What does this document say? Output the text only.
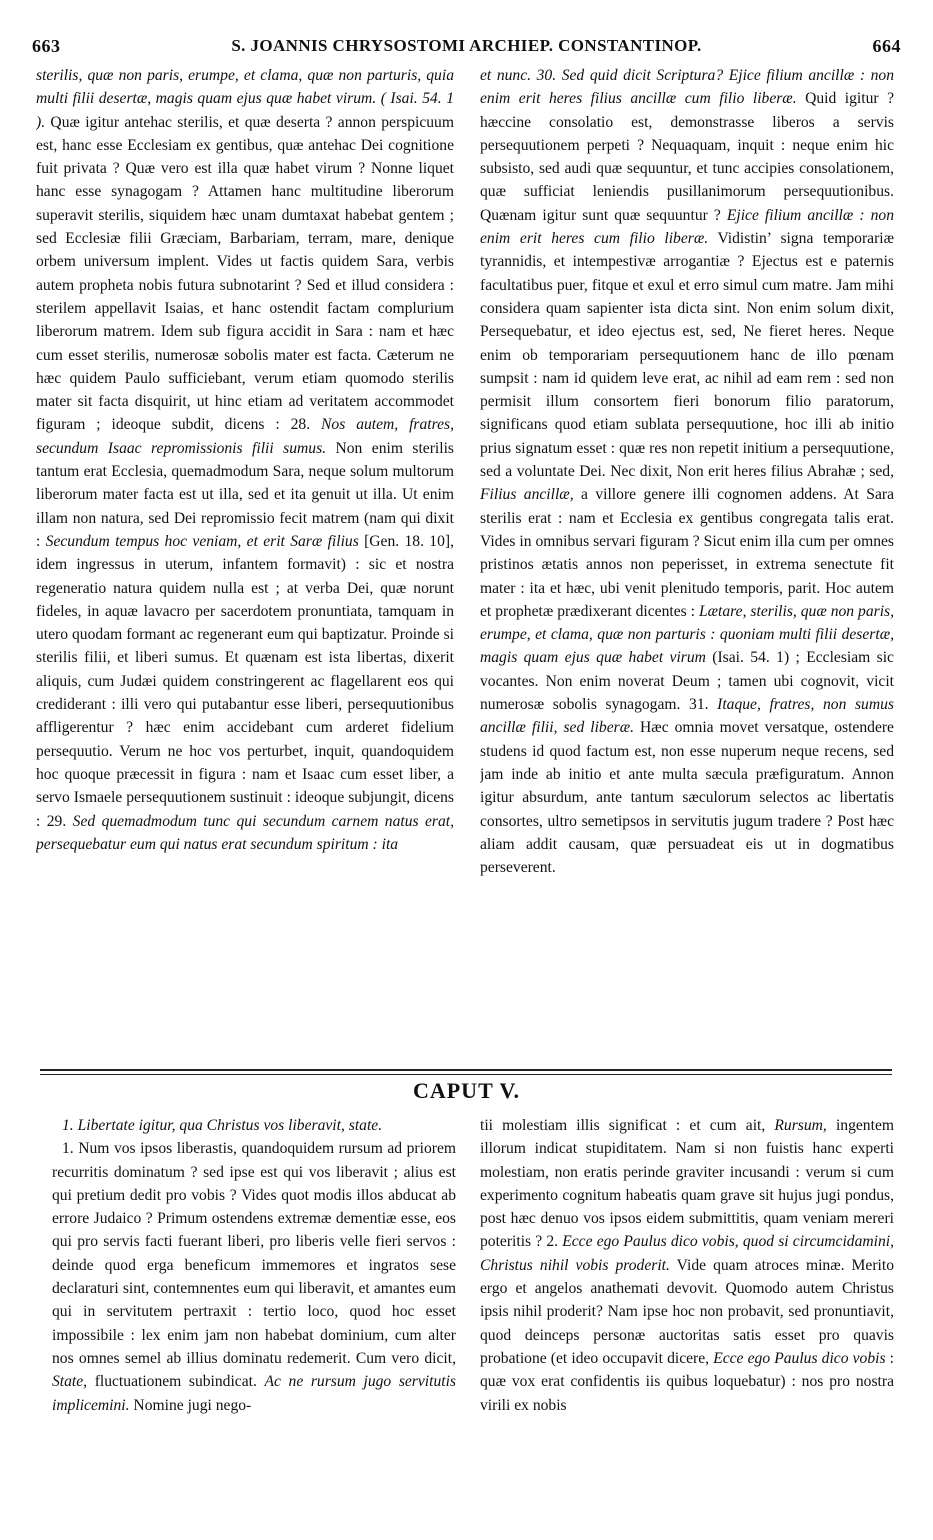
663	S. JOANNIS CHRYSOSTOMI ARCHIEP. CONSTANTINOP.	664

sterilis, quæ non paris, erumpe, et clama, quæ non parturis, quia multi filii desertæ, magis quam ejus quæ habet virum. ( Isai. 54. 1 ). Quæ igitur antehac sterilis, et quæ deserta ? annon perspicuum est, hanc esse Ecclesiam ex gentibus, quæ antehac Dei cognitione fuit privata ? Quæ vero est illa quæ habet virum ? Nonne liquet hanc esse synagogam ? Attamen hanc multitudine liberorum superavit sterilis, siquidem hæc unam dumtaxat habebat gentem ; sed Ecclesiæ filii Græciam, Barbariam, terram, mare, denique orbem universum implent. Vides ut factis quidem Sara, verbis autem propheta nobis futura subnotarint ? Sed et illud considera : sterilem appellavit Isaias, et hanc ostendit factam complurium liberorum matrem. Idem sub figura accidit in Sara : nam et hæc cum esset sterilis, numerosæ sobolis mater est facta. Cæterum ne hæc quidem Paulo sufficiebant, verum etiam quomodo sterilis mater sit facta disquirit, ut hinc etiam ad veritatem accommodet figuram ; ideoque subdit, dicens : 28. Nos autem, fratres, secundum Isaac repromissionis filii sumus. Non enim sterilis tantum erat Ecclesia, quemadmodum Sara, neque solum multorum liberorum mater facta est ut illa, sed et ita genuit ut illa. Ut enim illam non natura, sed Dei repromissio fecit matrem (nam qui dixit : Secundum tempus hoc veniam, et erit Saræ filius [Gen. 18. 10], idem ingressus in uterum, infantem formavit) : sic et nostra regeneratio natura quidem nulla est ; at verba Dei, quæ norunt fideles, in aquæ lavacro per sacerdotem pronuntiata, tamquam in utero quodam formant ac regenerant eum qui baptizatur. Proinde si sterilis filii, et liberi sumus. Et quænam est ista libertas, dixerit aliquis, cum Judæi quidem constringerent ac flagellarent eos qui crediderant : illi vero qui putabantur esse liberi, persequutionibus affligerentur ? hæc enim accidebant cum arderet fidelium persequutio. Verum ne hoc vos perturbet, inquit, quandoquidem hoc quoque præcessit in figura : nam et Isaac cum esset liber, a servo Ismaele persequutionem sustinuit : ideoque subjungit, dicens : 29. Sed quemadmodum tunc qui secundum carnem natus erat, persequebatur eum qui natus erat secundum spiritum : ita

et nunc. 30. Sed quid dicit Scriptura? Ejice filium ancillæ : non enim erit heres filius ancillæ cum filio liberæ. Quid igitur ? hæccine consolatio est, demonstrasse liberos a servis persequutionem perpeti ? Nequaquam, inquit : neque enim hic subsisto, sed audi quæ sequuntur, et tunc accipies consolationem, quæ sufficiat leniendis pusillanimorum persequutionibus. Quænam igitur sunt quæ sequuntur ? Ejice filium ancillæ : non enim erit heres cum filio liberæ. Vidistin’ signa temporariæ tyrannidis, et intempestivæ arrogantiæ ? Ejectus est e paternis facultatibus puer, fitque et exul et erro simul cum matre. Jam mihi considera quam sapienter ista dicta sint. Non enim solum dixit, Persequebatur, et ideo ejectus est, sed, Ne fieret heres. Neque enim ob temporariam persequutionem hanc de illo pœnam sumpsit : nam id quidem leve erat, ac nihil ad eam rem : sed non permisit illum consortem fieri bonorum filio paratorum, significans quod etiam sublata persequutione, hoc illi ab initio prius signatum esset : quæ res non repetit initium a persequutione, sed a voluntate Dei. Nec dixit, Non erit heres filius Abrahæ ; sed, Filius ancillæ, a villore genere illi cognomen addens. At Sara sterilis erat : nam et Ecclesia ex gentibus congregata talis erat. Vides in omnibus servari figuram ? Sicut enim illa cum per omnes pristinos ætatis annos non peperisset, in extrema senectute fit mater : ita et hæc, ubi venit plenitudo temporis, parit. Hoc autem et prophetæ prædixerant dicentes : Lætare, sterilis, quæ non paris, erumpe, et clama, quæ non parturis : quoniam multi filii desertæ, magis quam ejus quæ habet virum (Isai. 54. 1) ; Ecclesiam sic vocantes. Non enim noverat Deum ; tamen ubi cognovit, vicit numerosæ sobolis synagogam. 31. Itaque, fratres, non sumus ancillæ filii, sed liberæ. Hæc omnia movet versatque, ostendere studens id quod factum est, non esse nuperum neque recens, sed jam inde ab initio et ante multa sæcula præfiguratum. Annon igitur absurdum, ante tantum sæculorum selectos ac libertatis consortes, ultro semetipsos in servitutis jugum tradere ? Post hæc aliam addit causam, quæ persuadeat eis ut in dogmatibus perseverent.

CAPUT V.

1. Libertate igitur, qua Christus vos liberavit, state.

1. Num vos ipsos liberastis, quandoquidem rursum ad priorem recurritis dominatum ? sed ipse est qui vos liberavit ; alius est qui pretium dedit pro vobis ? Vides quot modis illos abducat ab errore Judaico ? Primum ostendens extremæ dementiæ esse, eos qui pro servis facti fuerant liberi, pro liberis velle fieri servos : deinde quod erga beneficum immemores et ingratos sese declaraturi sint, contemnentes eum qui liberavit, et amantes eum qui in servitutem pertraxit : tertio loco, quod hoc esset impossibile : lex enim jam non habebat dominium, cum alter nos omnes semel ab illius dominatu redemerit. Cum vero dicit, State, fluctuationem subindicat. Ac ne rursum jugo servitutis implicemini. Nomine jugi nego-

tii molestiam illis significat : et cum ait, Rursum, ingentem illorum indicat stupiditatem. Nam si non fuistis hanc experti molestiam, non eratis perinde graviter incusandi : verum si cum experimento cognitum habeatis quam grave sit hujus jugi pondus, post hæc denuo vos ipsos eidem submittitis, quam veniam mereri poteritis ? 2. Ecce ego Paulus dico vobis, quod si circumcidamini, Christus nihil vobis proderit. Vide quam atroces minæ. Merito ergo et angelos anathemati devovit. Quomodo autem Christus ipsis nihil proderit? Nam ipse hoc non probavit, sed pronuntiavit, quod deinceps personæ auctoritas satis esset pro quavis probatione (et ideo occupavit dicere, Ecce ego Paulus dico vobis : quæ vox erat confidentis iis quibus loquebatur) : nos pro nostra virili ex nobis
